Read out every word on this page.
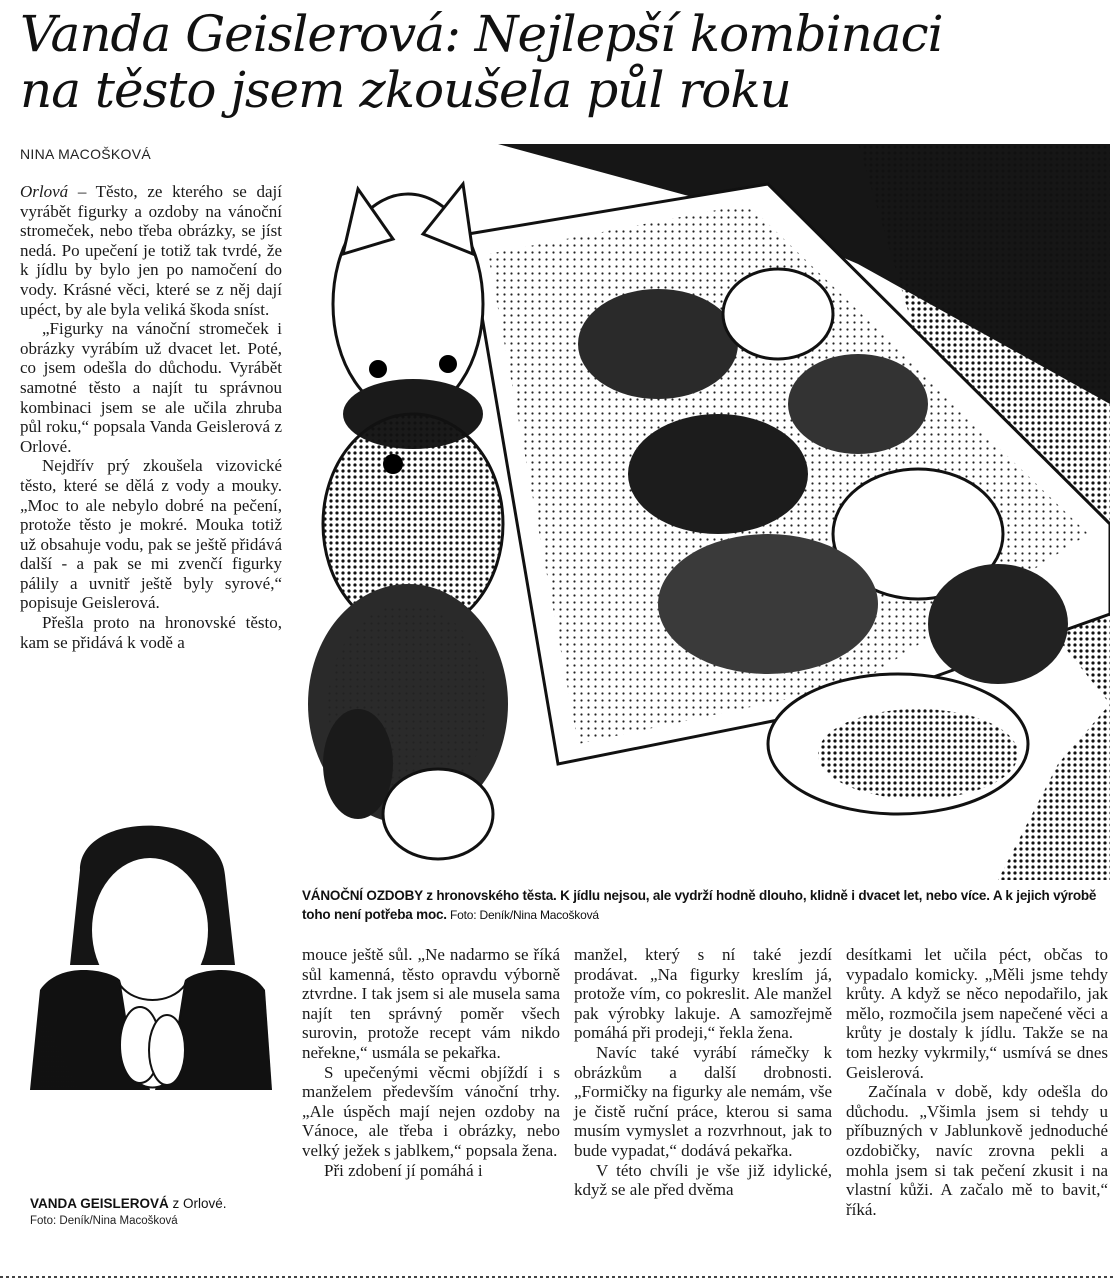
Vanda Geislerová: Nejlepší kombinaci
na těsto jsem zkoušela půl roku
NINA MACOŠKOVÁ

Orlová – Těsto, ze kterého se dají vyrábět figurky a ozdoby na vánoční stromeček, nebo třeba obrázky, se jíst nedá. Po upečení je totiž tak tvrdé, že k jídlu by bylo jen po namočení do vody. Krásné věci, které se z něj dají upéct, by ale byla veliká škoda sníst.

„Figurky na vánoční stromeček i obrázky vyrábím už dvacet let. Poté, co jsem odešla do důchodu. Vyrábět samotné těsto a najít tu správnou kombinaci jsem se ale učila zhruba půl roku,“ popsala Vanda Geislerová z Orlové.

Nejdřív prý zkoušela vizovické těsto, které se dělá z vody a mouky. „Moc to ale nebylo dobré na pečení, protože těsto je mokré. Mouka totiž už obsahuje vodu, pak se ještě přidává další - a pak se mi zvenčí figurky pálily a uvnitř ještě byly syrové,“ popisuje Geislerová.

Přešla proto na hronovské těsto, kam se přidává k vodě a

VÁNOČNÍ OZDOBY z hronovského těsta. K jídlu nejsou, ale vydrží hodně dlouho, klidně i dvacet let, nebo více. A k jejich výrobě toho není potřeba moc. Foto: Deník/Nina Macošková
VANDA GEISLEROVÁ z Orlové.
Foto: Deník/Nina Macošková

mouce ještě sůl. „Ne nadarmo se říká sůl kamenná, těsto opravdu výborně ztvrdne. I tak jsem si ale musela sama najít ten správný poměr všech surovin, protože recept vám nikdo neřekne,“ usmála se pekařka.

S upečenými věcmi objíždí i s manželem především vánoční trhy. „Ale úspěch mají nejen ozdoby na Vánoce, ale třeba i obrázky, nebo velký ježek s jablkem,“ popsala žena.

Při zdobení jí pomáhá i

manžel, který s ní také jezdí prodávat. „Na figurky kreslím já, protože vím, co pokreslit. Ale manžel pak výrobky lakuje. A samozřejmě pomáhá při prodeji,“ řekla žena.

Navíc také vyrábí rámečky k obrázkům a další drobnosti. „Formičky na figurky ale nemám, vše je čistě ruční práce, kterou si sama musím vymyslet a rozvrhnout, jak to bude vypadat,“ dodává pekařka.

V této chvíli je vše již idylické, když se ale před dvěma

desítkami let učila péct, občas to vypadalo komicky. „Měli jsme tehdy krůty. A když se něco nepodařilo, jak mělo, rozmočila jsem napečené věci a krůty je dostaly k jídlu. Takže se na tom hezky vykrmily,“ usmívá se dnes Geislerová.

Začínala v době, kdy odešla do důchodu. „Všimla jsem si tehdy u příbuzných v Jablunkově jednoduché ozdobičky, navíc zrovna pekli a mohla jsem si tak pečení zkusit i na vlastní kůži. A začalo mě to bavit,“ říká.
